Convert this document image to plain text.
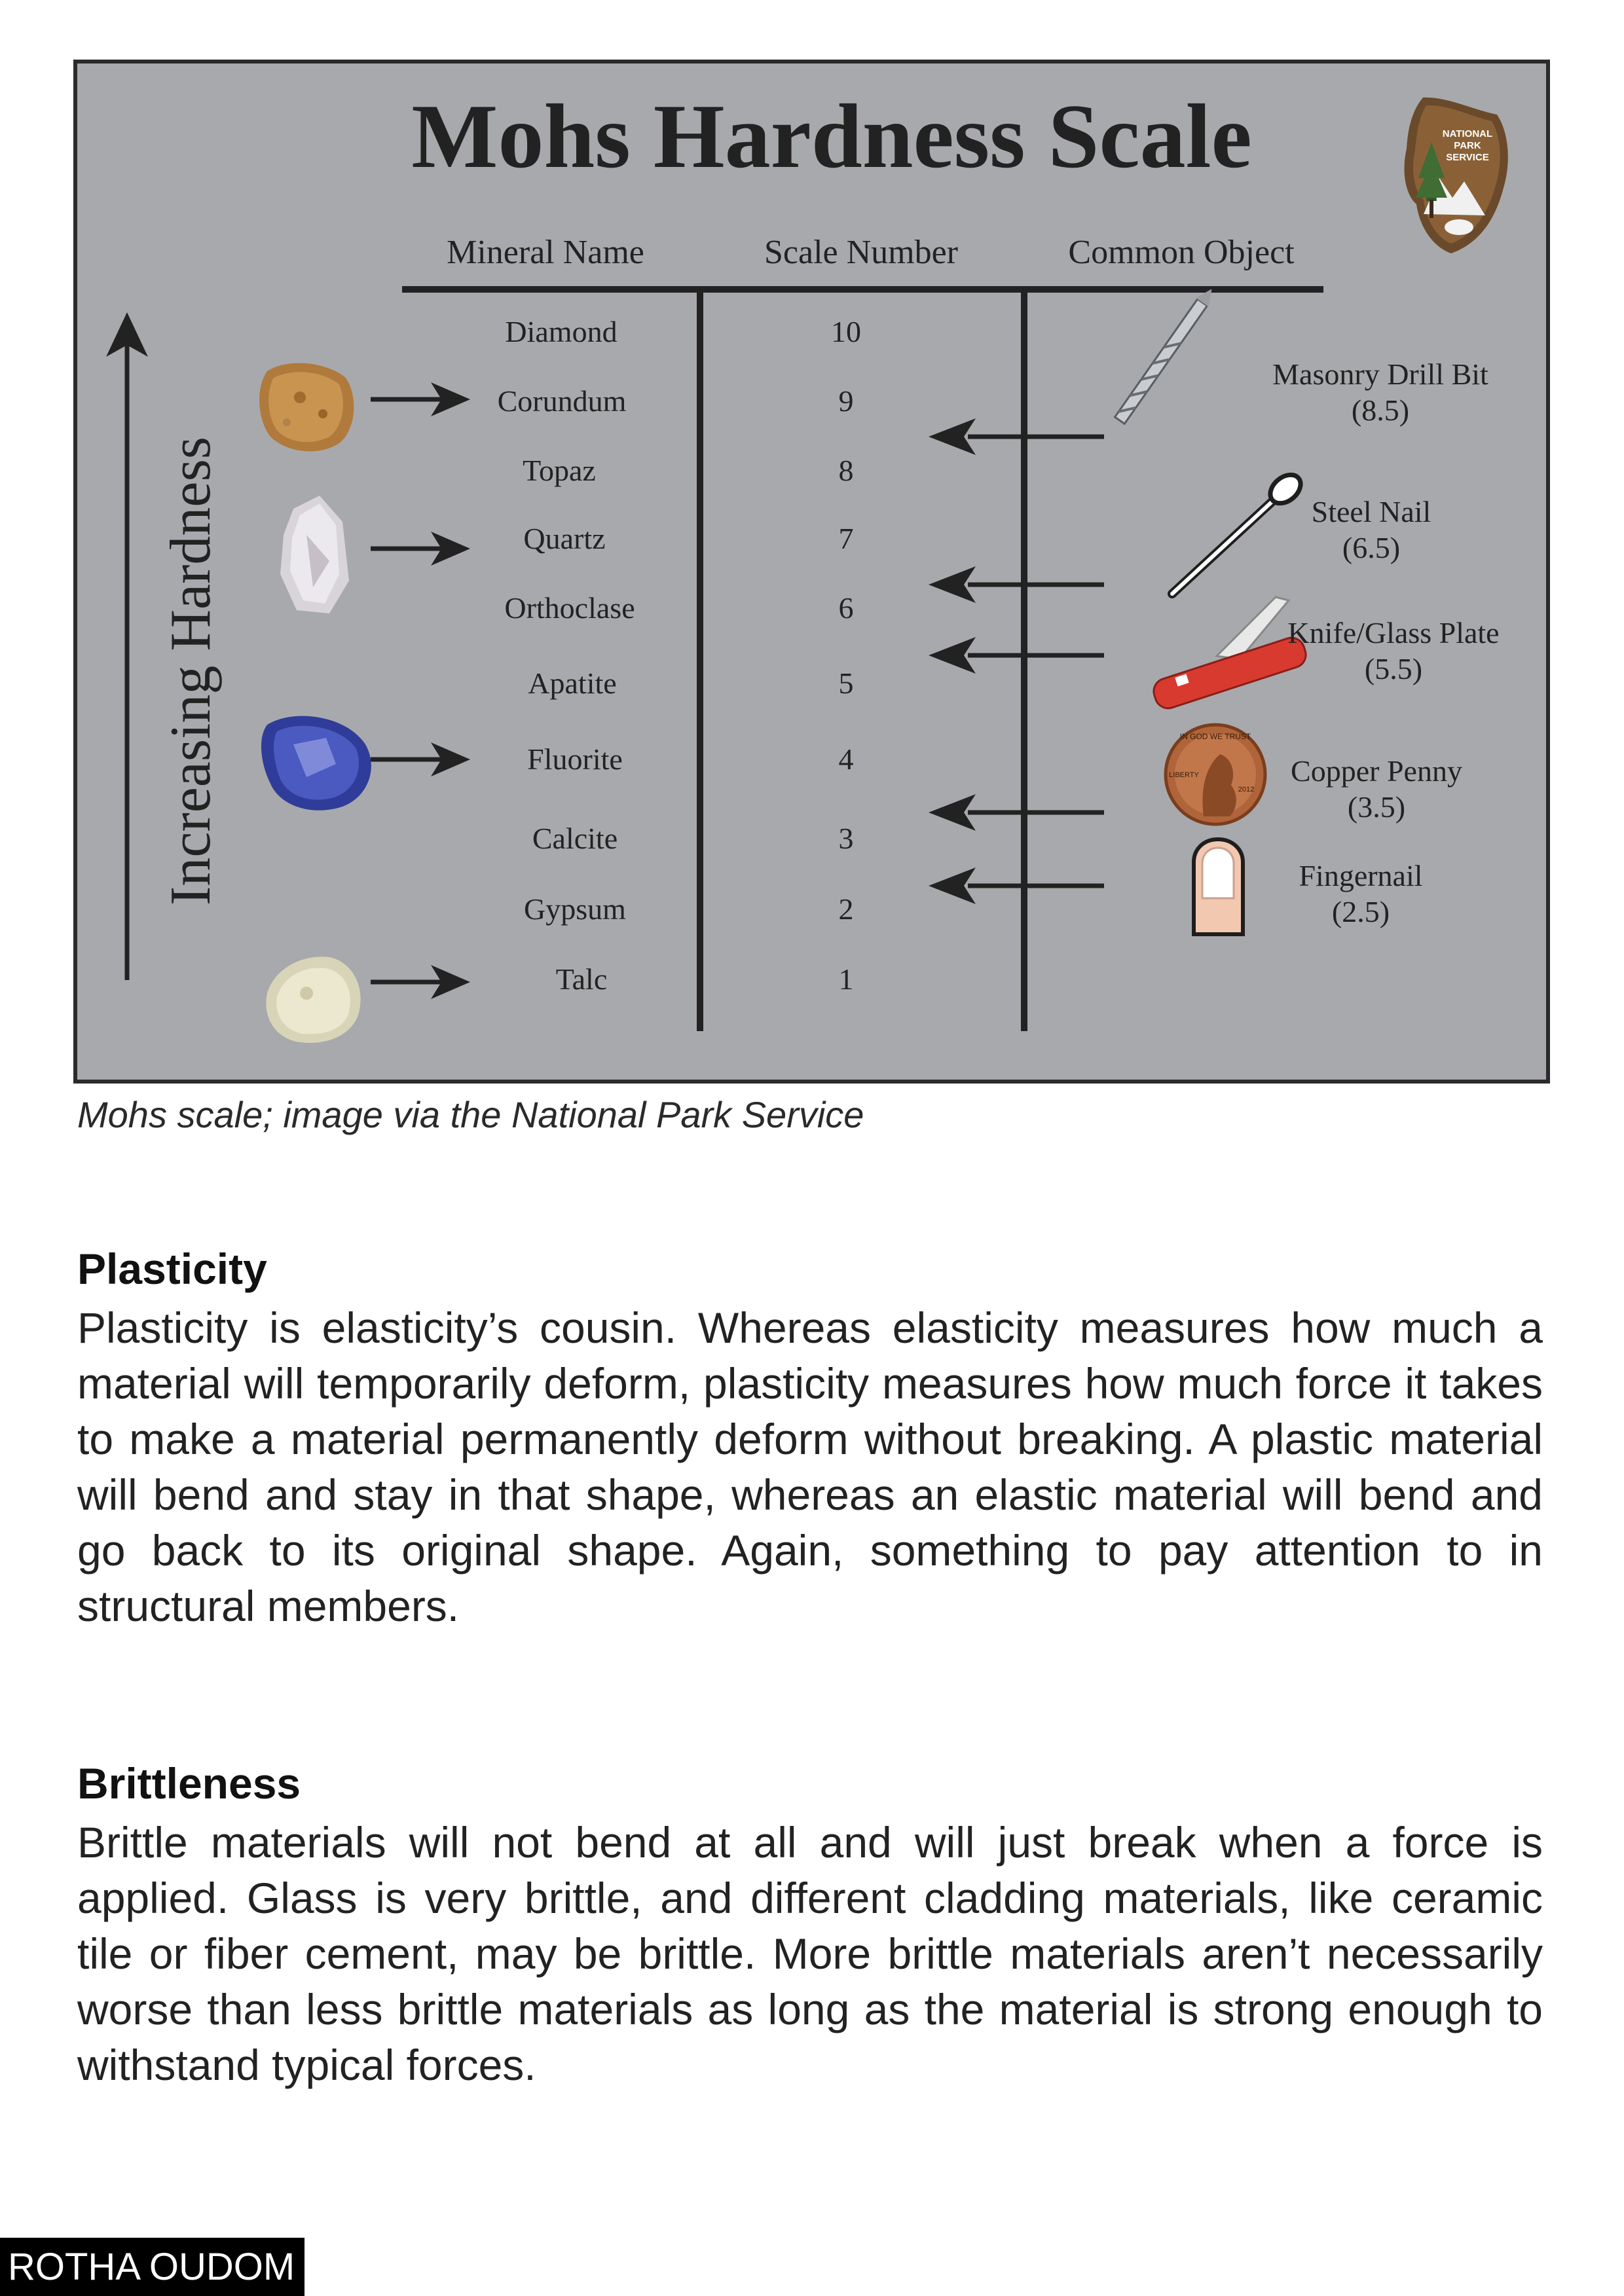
Mohs Hardness Scale	NATIONAL
PARK
SERVICE
Mineral Name	Scale Number	Common Object
Increasing Hardness
Diamond	10
Corundum	9
Topaz	8
Quartz	7
Orthoclase	6
Apatite	5
Fluorite	4
Calcite	3
Gypsum	2
Talc	1
IN GOD WE TRUST
LIBERTY
2012
Masonry Drill Bit
(8.5)
Steel Nail
(6.5)
Knife/Glass Plate
(5.5)
Copper Penny
(3.5)
Fingernail
(2.5)
Mohs scale; image via the National Park Service
Plasticity

Plasticity is elasticity’s cousin. Whereas elasticity measures how much a material will temporarily deform, plasticity measures how much force it takes to make a material permanently deform without breaking. A plastic material will bend and stay in that shape, whereas an elastic material will bend and go back to its original shape. Again, something to pay attention to in structural members.

Brittleness

Brittle materials will not bend at all and will just break when a force is applied. Glass is very brittle, and different cladding materials, like ceramic tile or fiber cement, may be brittle. More brittle materials aren’t necessarily worse than less brittle materials as long as the material is strong enough to withstand typical forces.

ROTHA OUDOM
